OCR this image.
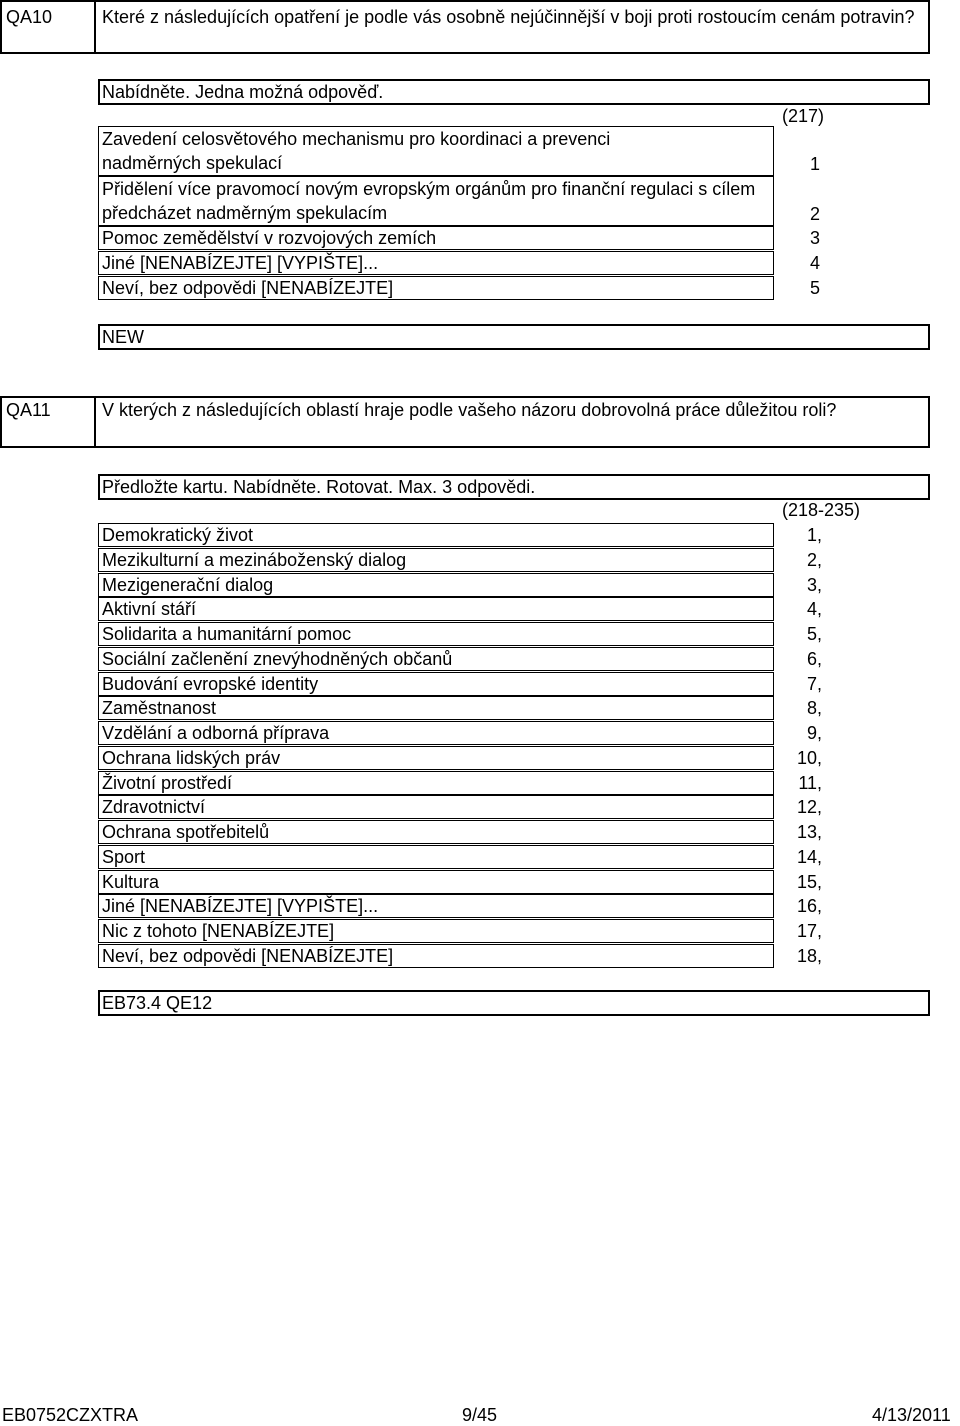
QA10	Které z následujících opatření je podle vás osobně nejúčinnější v boji proti rostoucím cenám potravin?
Nabídněte. Jedna možná odpověď.
(217)
Zavedení celosvětového mechanismu pro koordinaci a prevenci nadměrných spekulací	1
Přidělení více pravomocí novým evropským orgánům pro finanční regulaci s cílem předcházet nadměrným spekulacím	2
Pomoc zemědělství v rozvojových zemích	3
Jiné [NENABÍZEJTE] [VYPIŠTE]...	4
Neví, bez odpovědi [NENABÍZEJTE]	5
NEW
QA11	V kterých z následujících oblastí hraje podle vašeho názoru dobrovolná práce důležitou roli?
Předložte kartu. Nabídněte. Rotovat. Max. 3 odpovědi.
(218-235)
Demokratický život	1,
Mezikulturní a mezináboženský dialog	2,
Mezigenerační dialog	3,
Aktivní stáří	4,
Solidarita a humanitární pomoc	5,
Sociální začlenění znevýhodněných občanů	6,
Budování evropské identity	7,
Zaměstnanost	8,
Vzdělání a odborná příprava	9,
Ochrana lidských práv	10,
Životní prostředí	11,
Zdravotnictví	12,
Ochrana spotřebitelů	13,
Sport	14,
Kultura	15,
Jiné [NENABÍZEJTE] [VYPIŠTE]...	16,
Nic z tohoto [NENABÍZEJTE]	17,
Neví, bez odpovědi [NENABÍZEJTE]	18,
EB73.4 QE12
EB0752CZXTRA	9/45	4/13/2011
